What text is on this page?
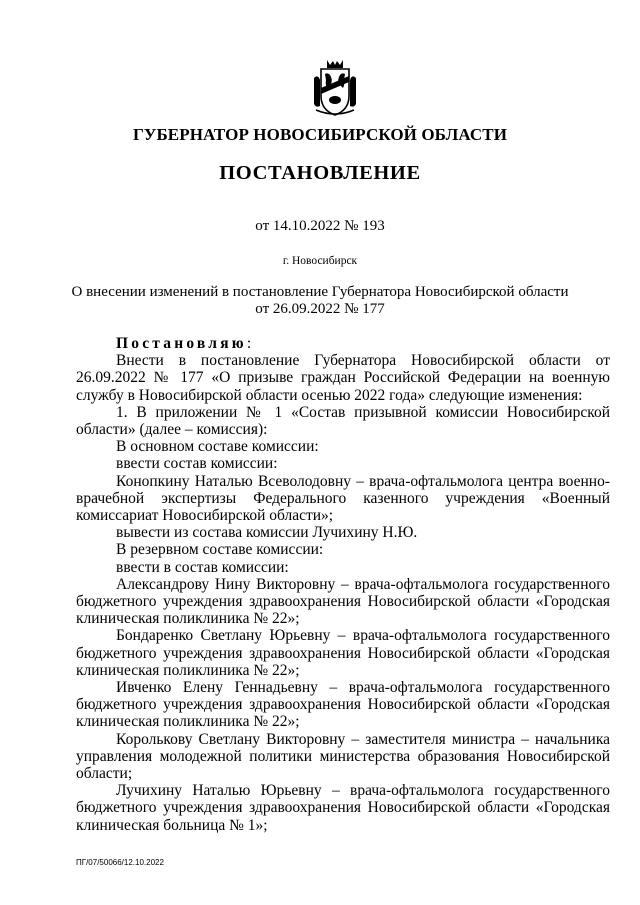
ГУБЕРНАТОР НОВОСИБИРСКОЙ ОБЛАСТИ
ПОСТАНОВЛЕНИЕ
от 14.10.2022 № 193
г. Новосибирск
О внесении изменений в постановление Губернатора Новосибирской области
от 26.09.2022 № 177

Постановляю:

Внести в постановление Губернатора Новосибирской области от 26.09.2022 № 177 «О призыве граждан Российской Федерации на военную службу в Новосибирской области осенью 2022 года» следующие изменения:

1. В приложении № 1 «Состав призывной комиссии Новосибирской области» (далее – комиссия):

В основном составе комиссии:

ввести состав комиссии:

Конопкину Наталью Всеволодовну – врача-офтальмолога центра военно-врачебной экспертизы Федерального казенного учреждения «Военный комиссариат Новосибирской области»;

вывести из состава комиссии Лучихину Н.Ю.

В резервном составе комиссии:

ввести в состав комиссии:

Александрову Нину Викторовну – врача-офтальмолога государственного бюджетного учреждения здравоохранения Новосибирской области «Городская клиническая поликлиника № 22»;

Бондаренко Светлану Юрьевну – врача-офтальмолога государственного бюджетного учреждения здравоохранения Новосибирской области «Городская клиническая поликлиника № 22»;

Ивченко Елену Геннадьевну – врача-офтальмолога государственного бюджетного учреждения здравоохранения Новосибирской области «Городская клиническая поликлиника № 22»;

Королькову Светлану Викторовну – заместителя министра – начальника управления молодежной политики министерства образования Новосибирской области;

Лучихину Наталью Юрьевну – врача-офтальмолога государственного бюджетного учреждения здравоохранения Новосибирской области «Городская клиническая больница № 1»;

ПГ/07/50066/12.10.2022
